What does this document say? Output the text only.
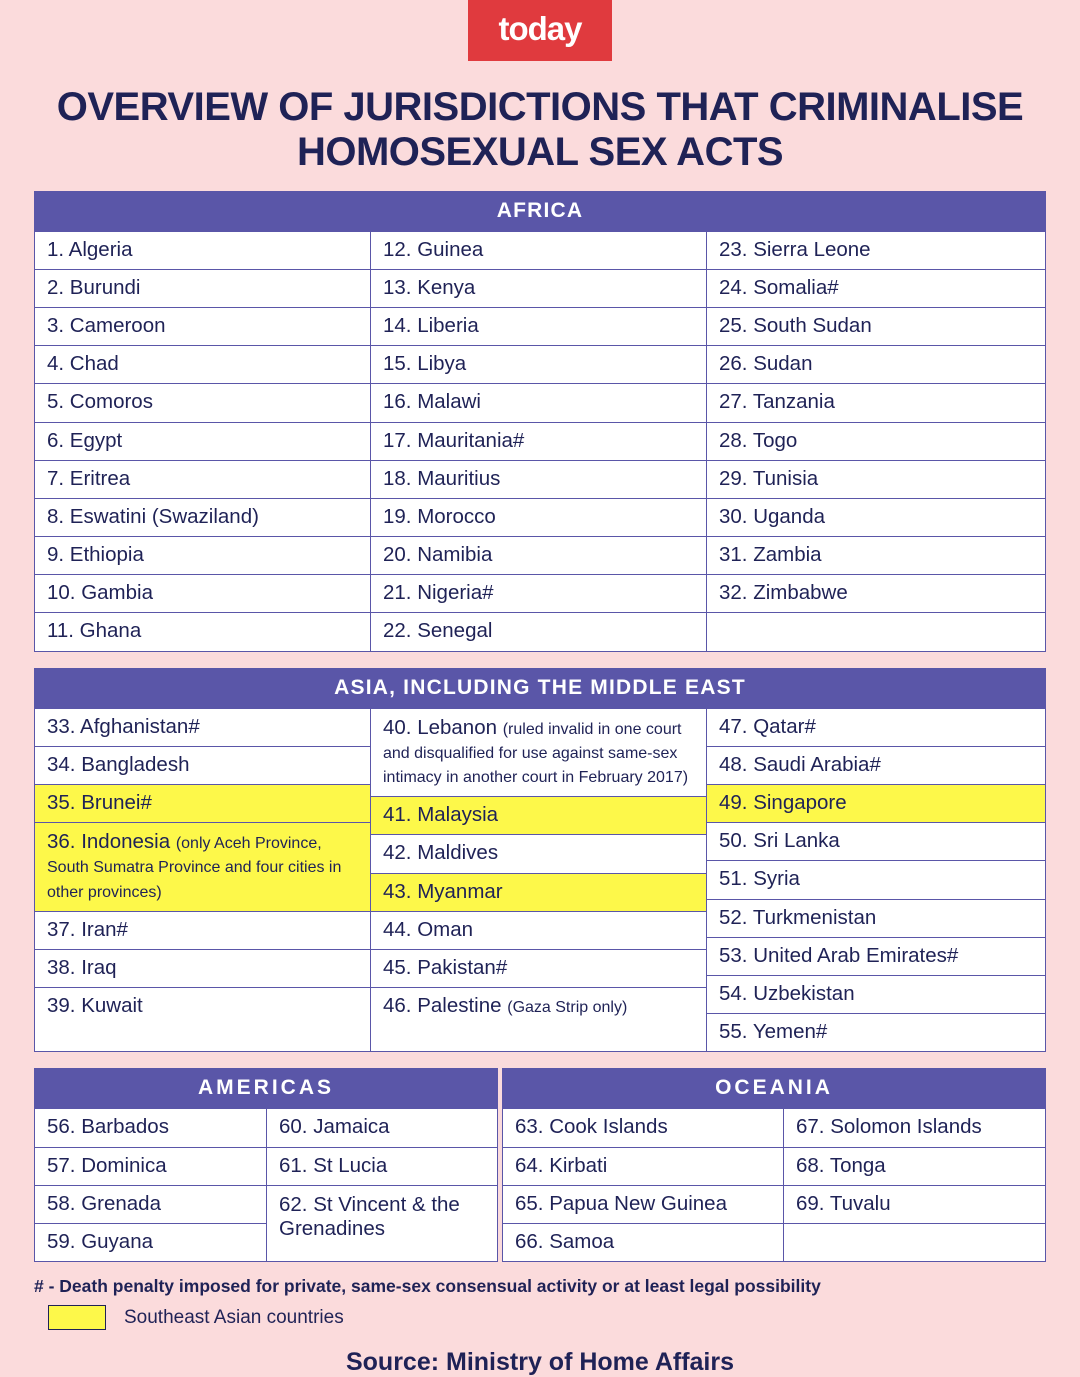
today
OVERVIEW OF JURISDICTIONS THAT CRIMINALISE HOMOSEXUAL SEX ACTS
AFRICA
1. Algeria
2. Burundi
3. Cameroon
4. Chad
5. Comoros
6. Egypt
7. Eritrea
8. Eswatini (Swaziland)
9. Ethiopia
10. Gambia
11. Ghana
12. Guinea
13. Kenya
14. Liberia
15. Libya
16. Malawi
17. Mauritania#
18. Mauritius
19. Morocco
20. Namibia
21. Nigeria#
22. Senegal
23. Sierra Leone
24. Somalia#
25. South Sudan
26. Sudan
27. Tanzania
28. Togo
29. Tunisia
30. Uganda
31. Zambia
32. Zimbabwe
ASIA, INCLUDING THE MIDDLE EAST
33. Afghanistan#
34. Bangladesh
35. Brunei#
36. Indonesia (only Aceh Province, South Sumatra Province and four cities in other provinces)
37. Iran#
38. Iraq
39. Kuwait
40. Lebanon (ruled invalid in one court and disqualified for use against same-sex intimacy in another court in February 2017)
41. Malaysia
42. Maldives
43. Myanmar
44. Oman
45. Pakistan#
46. Palestine (Gaza Strip only)
47. Qatar#
48. Saudi Arabia#
49. Singapore
50. Sri Lanka
51. Syria
52. Turkmenistan
53. United Arab Emirates#
54. Uzbekistan
55. Yemen#
AMERICAS
56. Barbados
57. Dominica
58. Grenada
59. Guyana
60. Jamaica
61. St Lucia
62. St Vincent & the Grenadines
OCEANIA
63. Cook Islands
64. Kirbati
65. Papua New Guinea
66. Samoa
67. Solomon Islands
68. Tonga
69. Tuvalu
# - Death penalty imposed for private, same-sex consensual activity or at least legal possibility
Southeast Asian countries
Source: Ministry of Home Affairs
